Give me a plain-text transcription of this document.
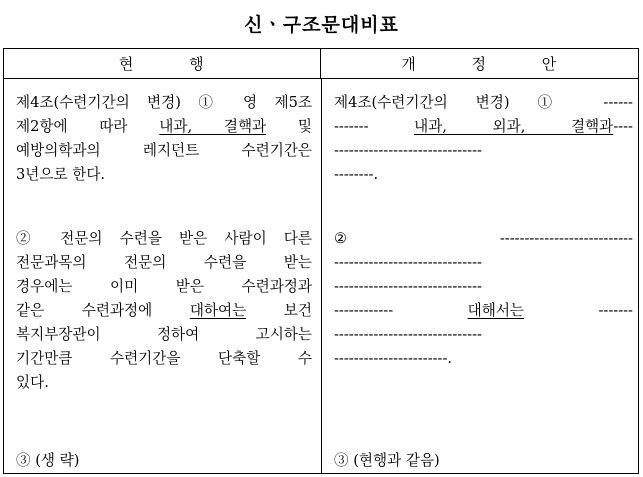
신ㆍ구조문대비표
현 행	개 정 안
제4조(수련기간의 변경) ① 영 제5조
제2항에 따라 내과, 결핵과 및
예방의학과의 레지던트 수련기간은
3년으로 한다.
② 전문의 수련을 받은 사람이 다른
전문과목의 전문의 수련을 받는
경우에는 이미 받은 수련과정과
같은 수련과정에 대하여는 보건
복지부장관이 정하여 고시하는
기간만큼 수련기간을 단축할 수
있다.
③ (생 략)
제4조(수련기간의 변경) ① ------
------- 내과, 외과, 결핵과----
------------------------------
--------.
② ---------------------------
------------------------------
------------------------------
------------ 대해서는 -------
------------------------------
-----------------------.
③ (현행과 같음)
